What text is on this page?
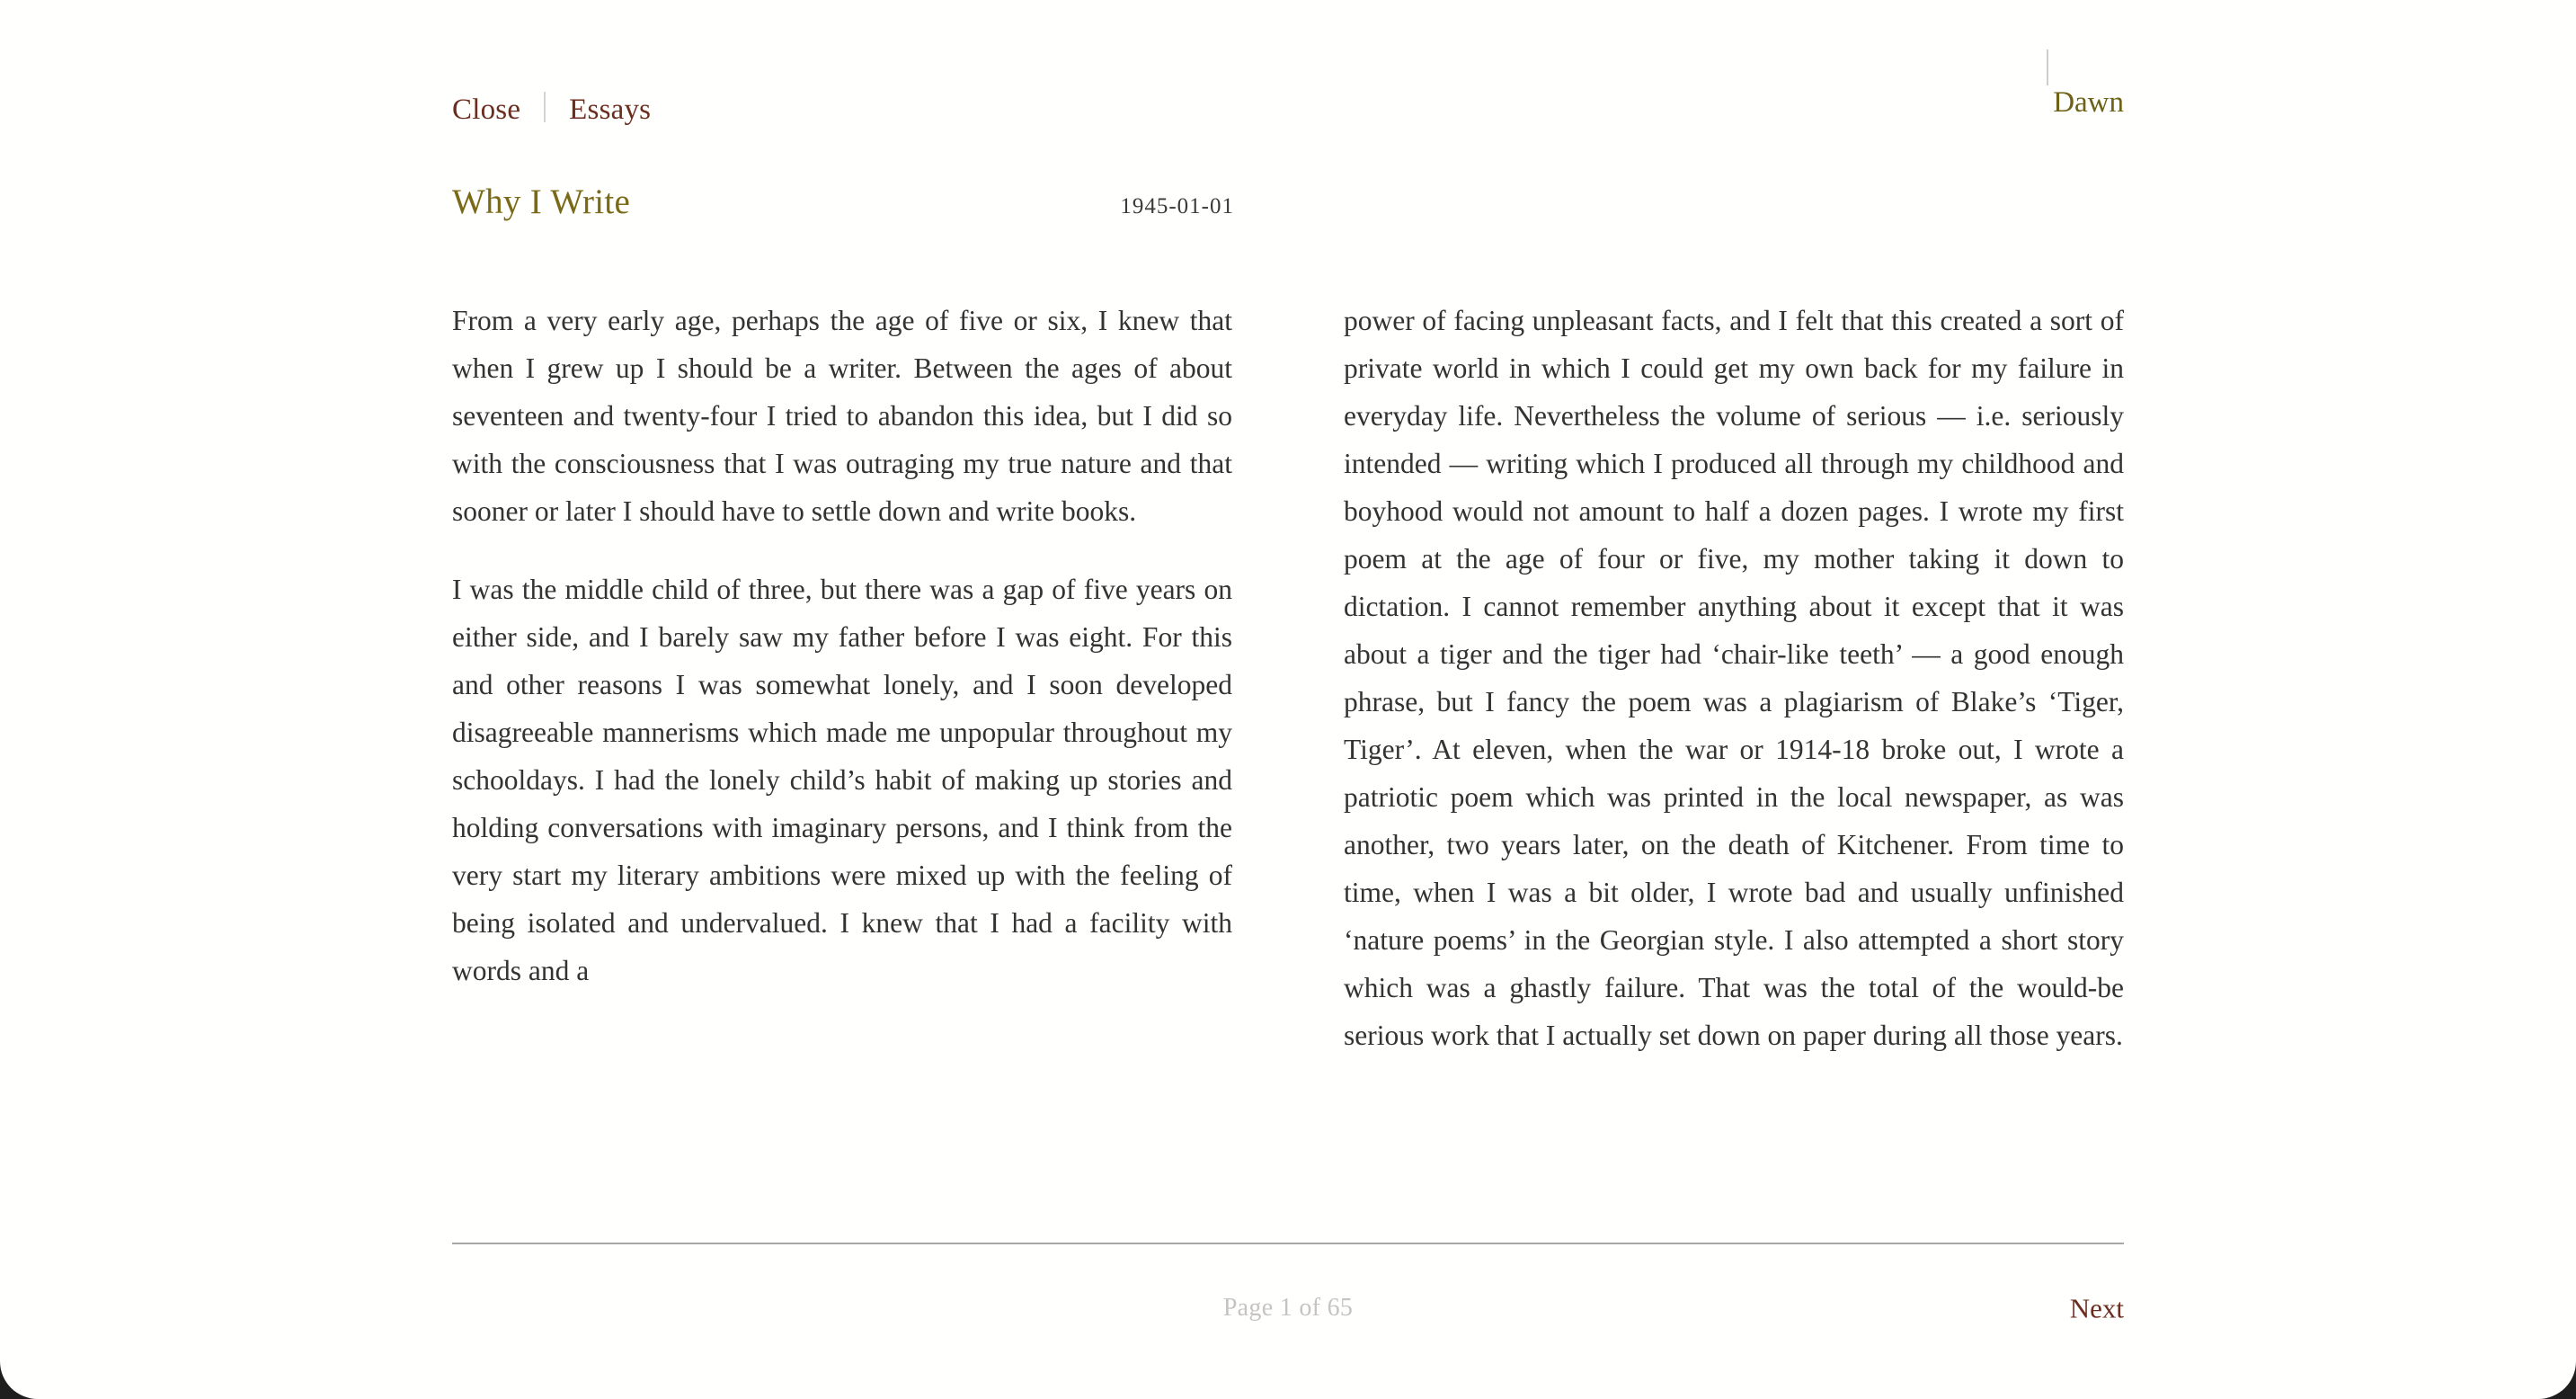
Close Essays	Dawn
Why I Write	1945-01-01

From a very early age, perhaps the age of five or six, I knew that when I grew up I should be a writer. Between the ages of about seventeen and twenty-four I tried to abandon this idea, but I did so with the consciousness that I was outraging my true nature and that sooner or later I should have to settle down and write books.

I was the middle child of three, but there was a gap of five years on either side, and I barely saw my father before I was eight. For this and other reasons I was somewhat lonely, and I soon developed disagreeable mannerisms which made me unpopular throughout my schooldays. I had the lonely child’s habit of making up stories and holding conversations with imaginary persons, and I think from the very start my literary ambitions were mixed up with the feeling of being isolated and undervalued. I knew that I had a facility with words and a

power of facing unpleasant facts, and I felt that this created a sort of private world in which I could get my own back for my failure in everyday life. Nevertheless the volume of serious — i.e. seriously intended — writing which I produced all through my childhood and boyhood would not amount to half a dozen pages. I wrote my first poem at the age of four or five, my mother taking it down to dictation. I cannot remember anything about it except that it was about a tiger and the tiger had ‘chair-like teeth’ — a good enough phrase, but I fancy the poem was a plagiarism of Blake’s ‘Tiger, Tiger’. At eleven, when the war or 1914-18 broke out, I wrote a patriotic poem which was printed in the local newspaper, as was another, two years later, on the death of Kitchener. From time to time, when I was a bit older, I wrote bad and usually unfinished ‘nature poems’ in the Georgian style. I also attempted a short story which was a ghastly failure. That was the total of the would-be serious work that I actually set down on paper during all those years.

Page 1 of 65	Next
